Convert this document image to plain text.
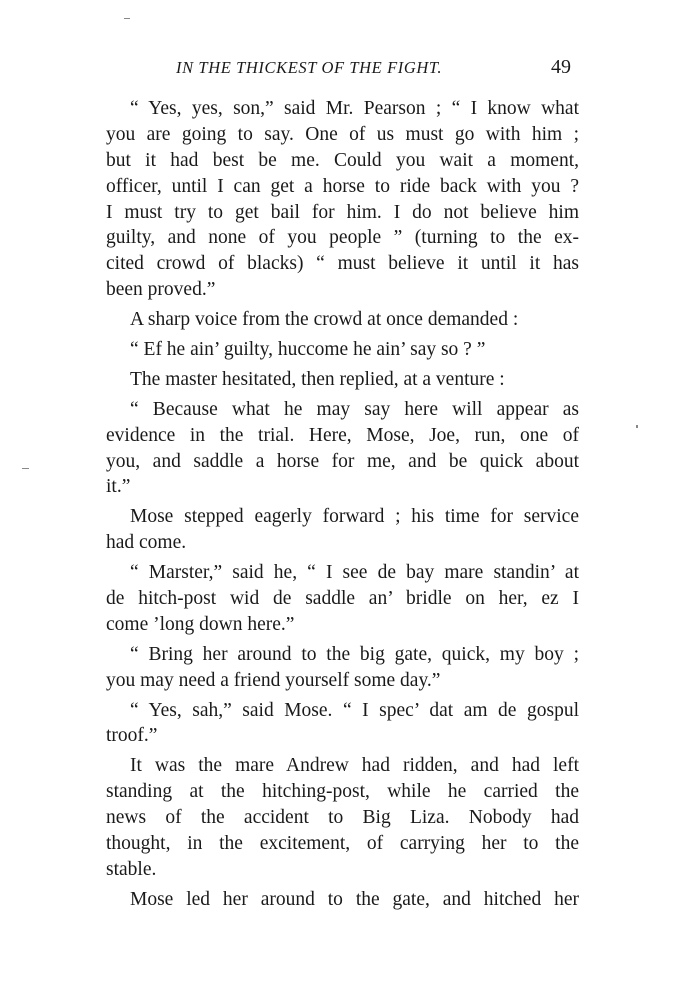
IN THE THICKEST OF THE FIGHT.	49
“ Yes, yes, son,” said Mr. Pearson ; “ I know what
you are going to say. One of us must go with him ;
but it had best be me. Could you wait a moment,
officer, until I can get a horse to ride back with you ?
I must try to get bail for him. I do not believe him
guilty, and none of you people ” (turning to the ex-
cited crowd of blacks) “ must believe it until it has
been proved.”
A sharp voice from the crowd at once demanded :
“ Ef he ain’ guilty, huccome he ain’ say so ? ”
The master hesitated, then replied, at a venture :
“ Because what he may say here will appear as
evidence in the trial. Here, Mose, Joe, run, one of
you, and saddle a horse for me, and be quick about
it.”
Mose stepped eagerly forward ; his time for service
had come.
“ Marster,” said he, “ I see de bay mare standin’ at
de hitch-post wid de saddle an’ bridle on her, ez I
come ’long down here.”
“ Bring her around to the big gate, quick, my boy ;
you may need a friend yourself some day.”
“ Yes, sah,” said Mose. “ I spec’ dat am de gospul
troof.”
It was the mare Andrew had ridden, and had left
standing at the hitching-post, while he carried the
news of the accident to Big Liza. Nobody had
thought, in the excitement, of carrying her to the
stable.
Mose led her around to the gate, and hitched her
